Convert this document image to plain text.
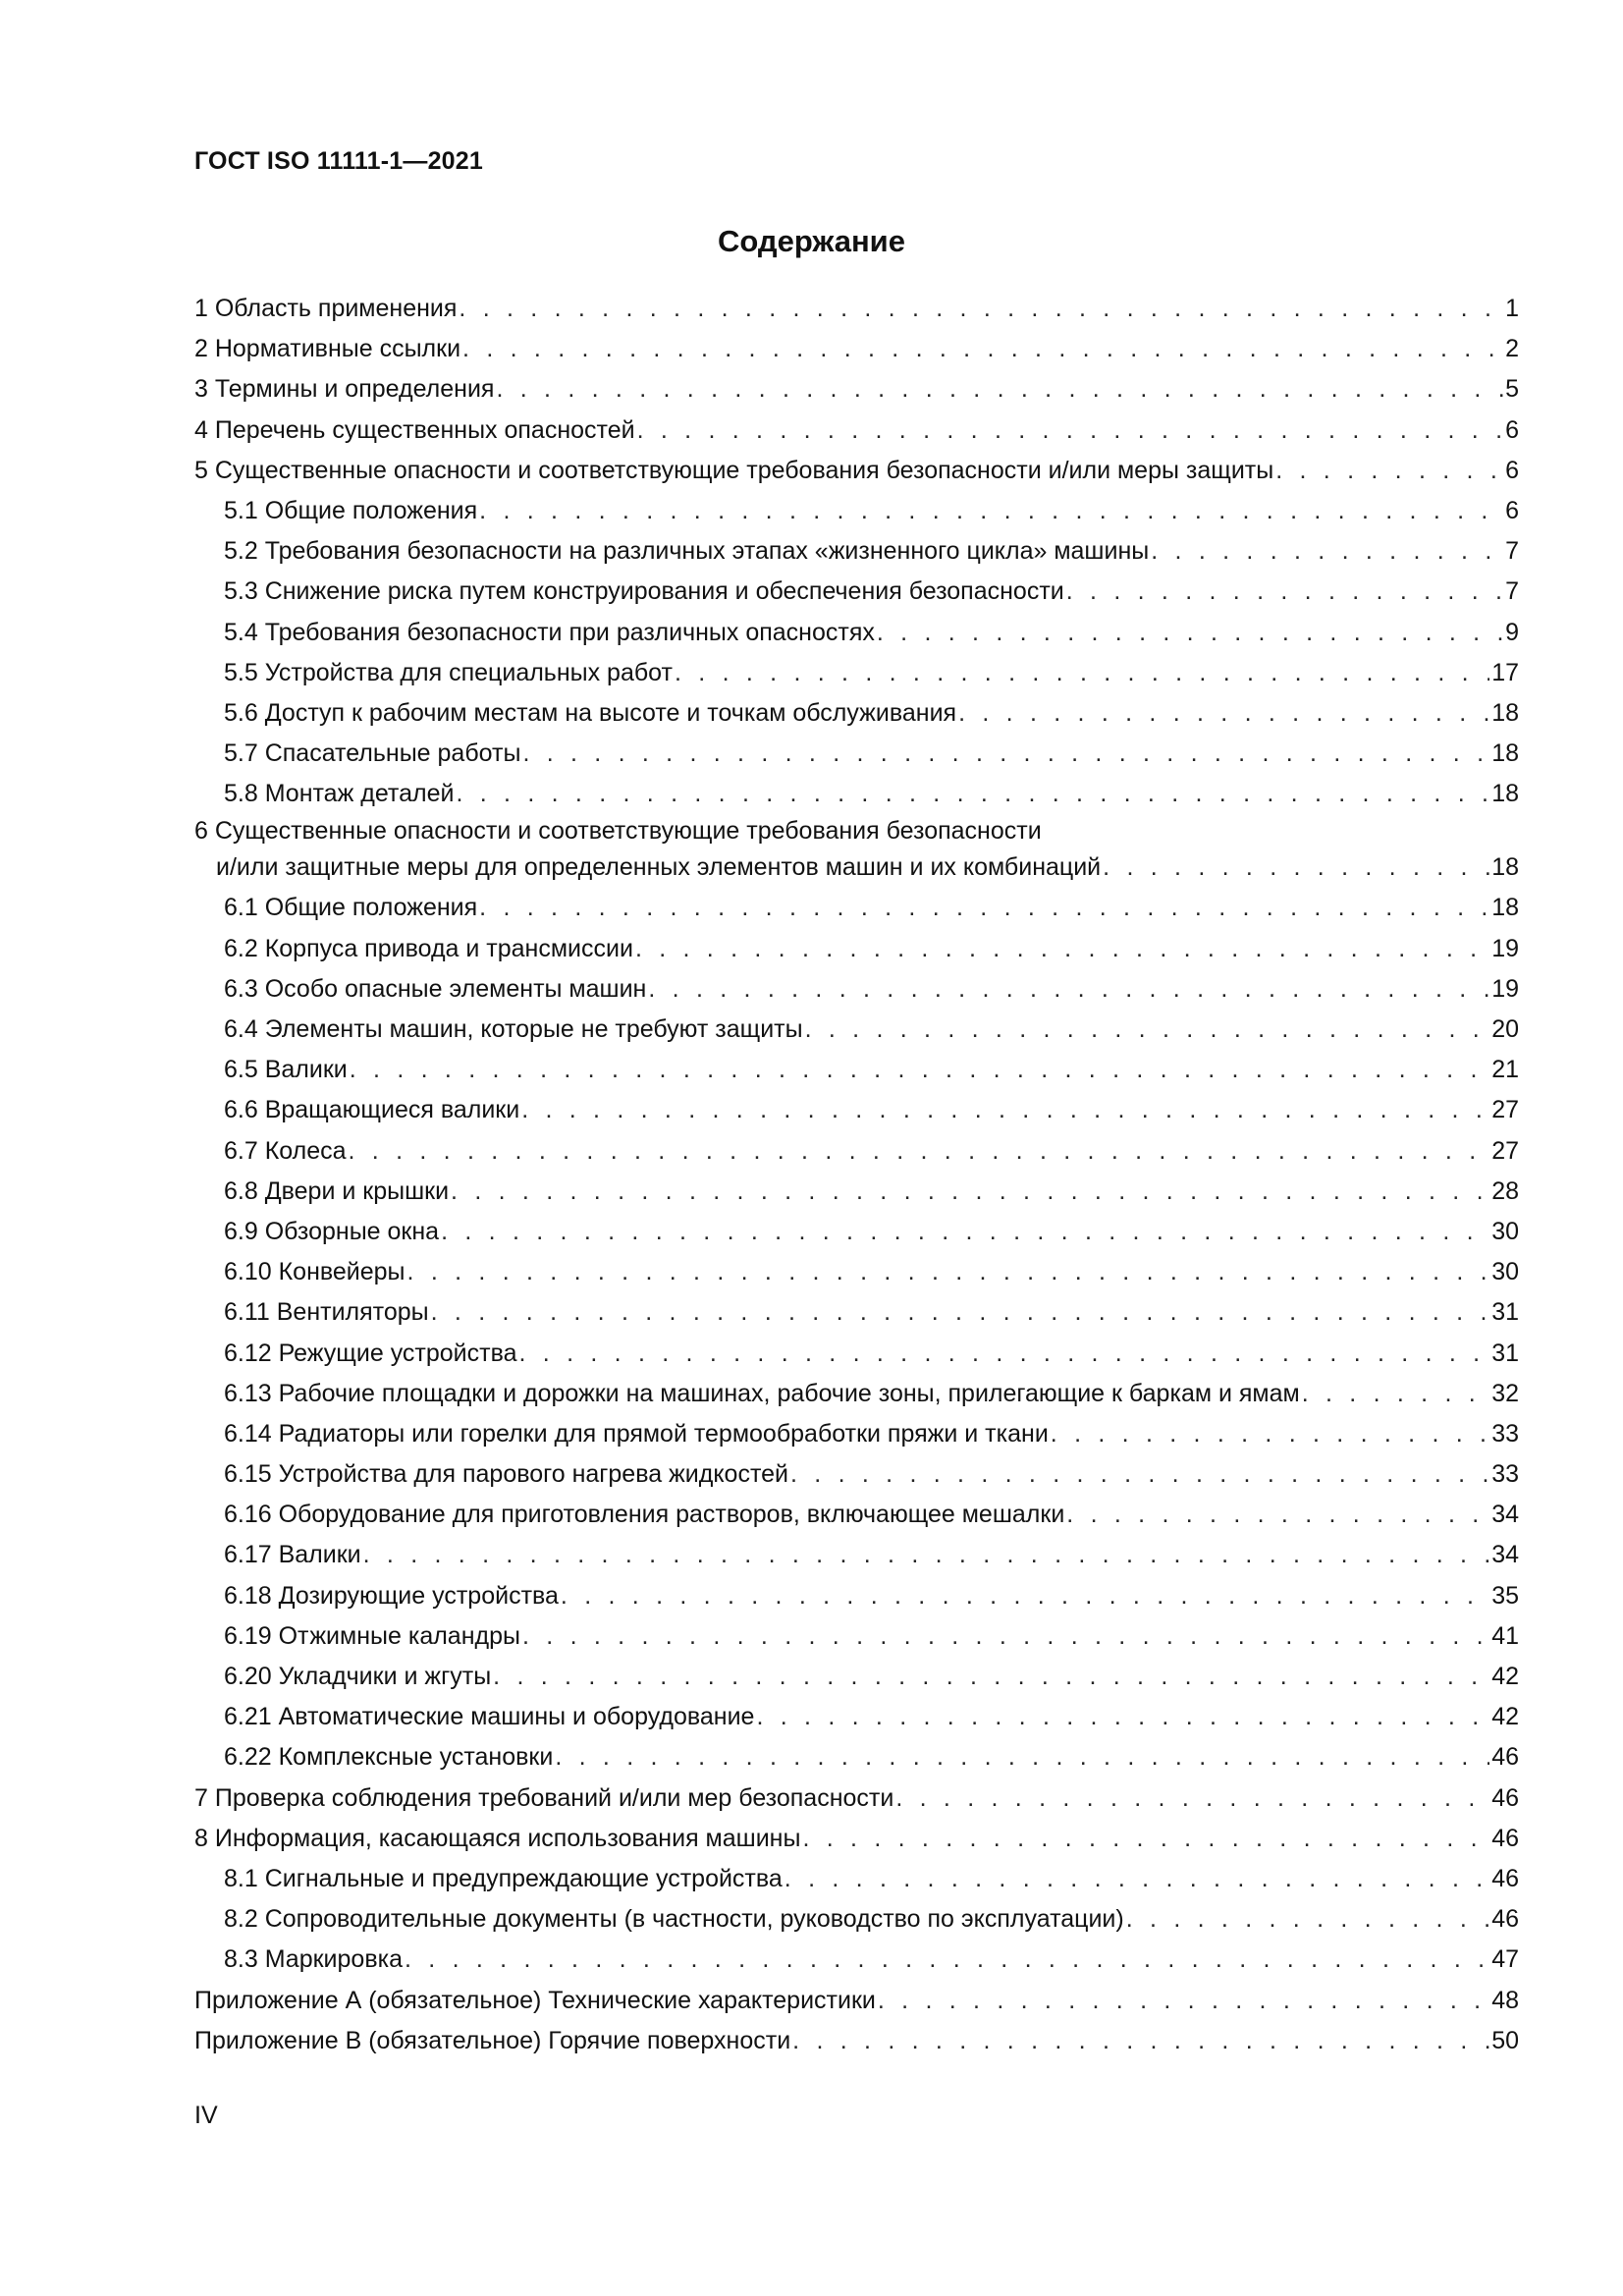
ГОСТ ISO 11111-1—2021
Содержание
1 Область применения . . .	1
2 Нормативные ссылки . . .	2
3 Термины и определения . . .	5
4 Перечень существенных опасностей . . .	6
5 Существенные опасности и соответствующие требования безопасности и/или меры защиты . . .	6
5.1 Общие положения . . .	6
5.2 Требования безопасности на различных этапах «жизненного цикла» машины . . .	7
5.3 Снижение риска путем конструирования и обеспечения безопасности . . .	7
5.4 Требования безопасности при различных опасностях . . .	9
5.5 Устройства для специальных работ . . .	17
5.6 Доступ к рабочим местам на высоте и точкам обслуживания . . .	18
5.7 Спасательные работы . . .	18
5.8 Монтаж деталей . . .	18
6 Существенные опасности и соответствующие требования безопасности
и/или защитные меры для определенных элементов машин и их комбинаций . . .	18
6.1 Общие положения . . .	18
6.2 Корпуса привода и трансмиссии . . .	19
6.3 Особо опасные элементы машин . . .	19
6.4 Элементы машин, которые не требуют защиты . . .	20
6.5 Валики . . .	21
6.6 Вращающиеся валики . . .	27
6.7 Колеса . . .	27
6.8 Двери и крышки . . .	28
6.9 Обзорные окна . . .	30
6.10 Конвейеры . . .	30
6.11 Вентиляторы . . .	31
6.12 Режущие устройства . . .	31
6.13 Рабочие площадки и дорожки на машинах, рабочие зоны, прилегающие к баркам и ямам . . .	32
6.14 Радиаторы или горелки для прямой термообработки пряжи и ткани . . .	33
6.15 Устройства для парового нагрева жидкостей . . .	33
6.16 Оборудование для приготовления растворов, включающее мешалки . . .	34
6.17 Валики . . .	34
6.18 Дозирующие устройства . . .	35
6.19 Отжимные каландры . . .	41
6.20 Укладчики и жгуты . . .	42
6.21 Автоматические машины и оборудование . . .	42
6.22 Комплексные установки . . .	46
7 Проверка соблюдения требований и/или мер безопасности . . .	46
8 Информация, касающаяся использования машины . . .	46
8.1 Сигнальные и предупреждающие устройства . . .	46
8.2 Сопроводительные документы (в частности, руководство по эксплуатации) . . .	46
8.3 Маркировка . . .	47
Приложение А (обязательное) Технические характеристики . . .	48
Приложение В (обязательное) Горячие поверхности . . .	50
IV
